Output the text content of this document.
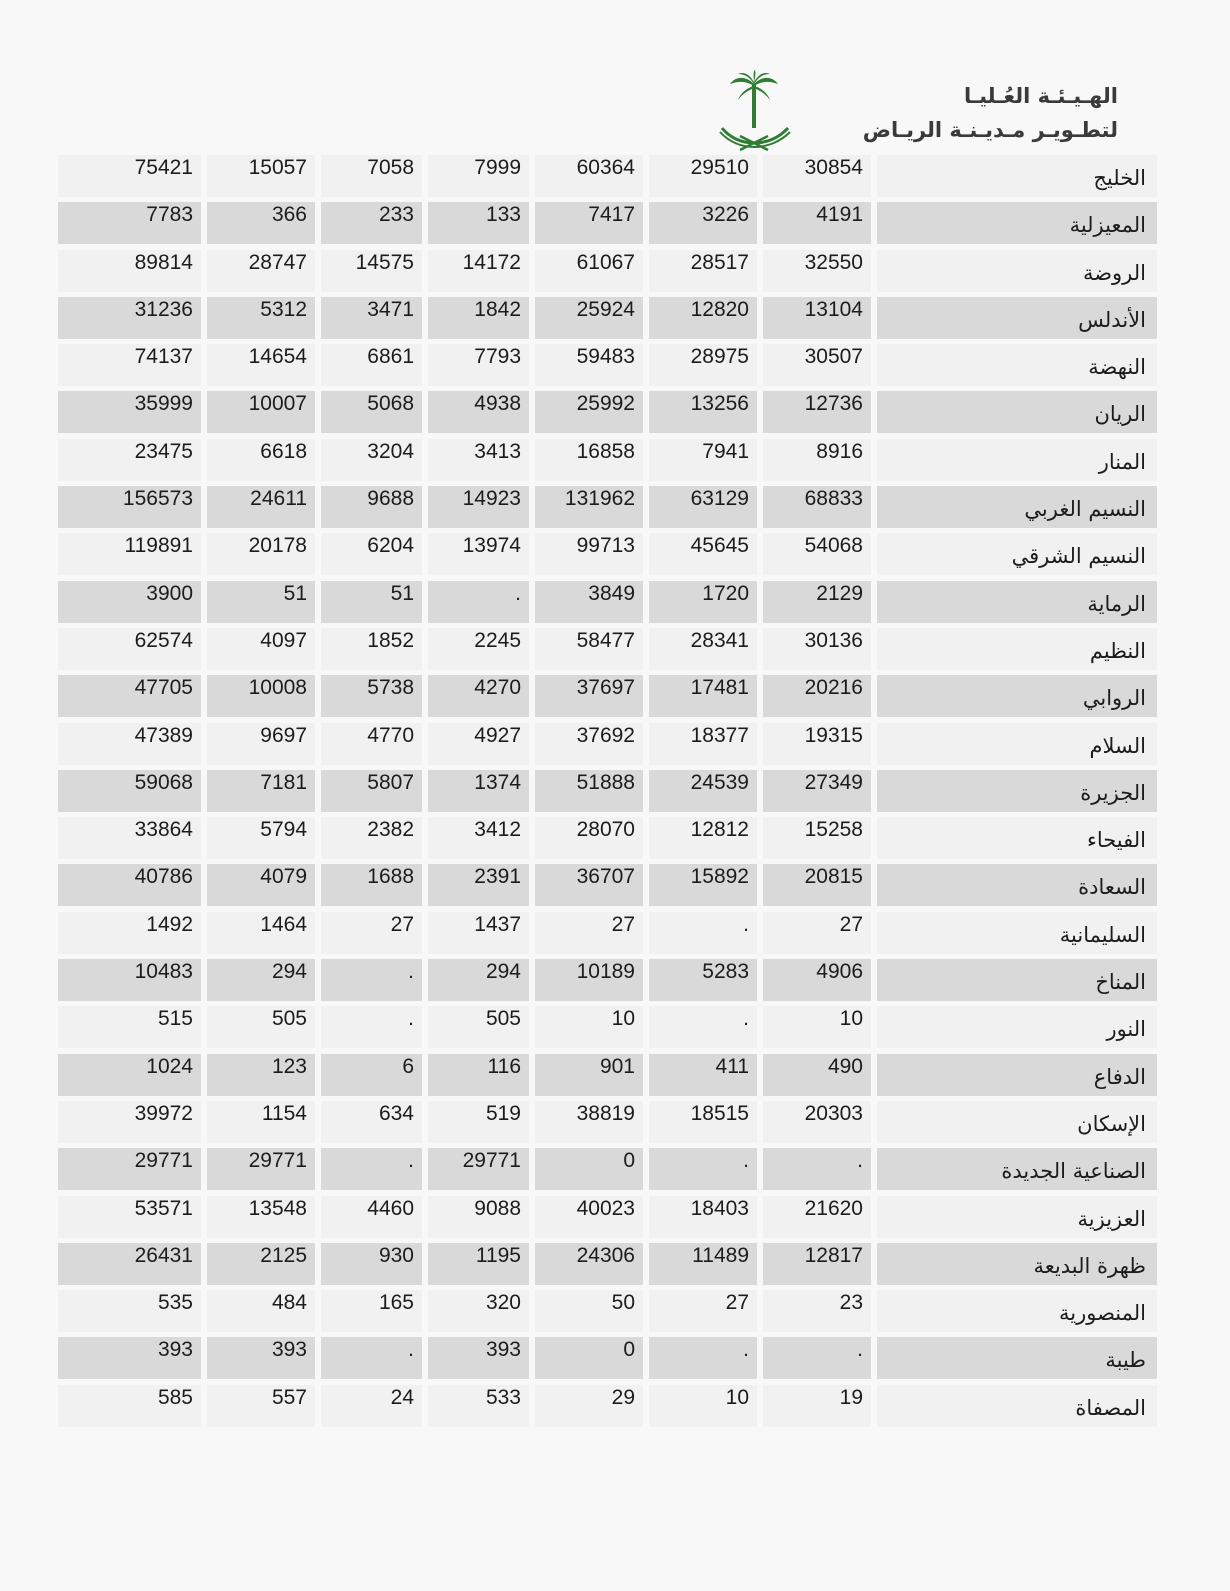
الهـيـئـة العُـليـا
لتطـويـر مـديـنـة الريـاض
الخليج
30854
29510
60364
7999
7058
15057
75421
المعيزلية
4191
3226
7417
133
233
366
7783
الروضة
32550
28517
61067
14172
14575
28747
89814
الأندلس
13104
12820
25924
1842
3471
5312
31236
النهضة
30507
28975
59483
7793
6861
14654
74137
الريان
12736
13256
25992
4938
5068
10007
35999
المنار
8916
7941
16858
3413
3204
6618
23475
النسيم الغربي
68833
63129
131962
14923
9688
24611
156573
النسيم الشرقي
54068
45645
99713
13974
6204
20178
119891
الرماية
2129
1720
3849
.
51
51
3900
النظيم
30136
28341
58477
2245
1852
4097
62574
الروابي
20216
17481
37697
4270
5738
10008
47705
السلام
19315
18377
37692
4927
4770
9697
47389
الجزيرة
27349
24539
51888
1374
5807
7181
59068
الفيحاء
15258
12812
28070
3412
2382
5794
33864
السعادة
20815
15892
36707
2391
1688
4079
40786
السليمانية
27
.
27
1437
27
1464
1492
المناخ
4906
5283
10189
294
.
294
10483
النور
10
.
10
505
.
505
515
الدفاع
490
411
901
116
6
123
1024
الإسكان
20303
18515
38819
519
634
1154
39972
الصناعية الجديدة
.
.
0
29771
.
29771
29771
العزيزية
21620
18403
40023
9088
4460
13548
53571
ظهرة البديعة
12817
11489
24306
1195
930
2125
26431
المنصورية
23
27
50
320
165
484
535
طيبة
.
.
0
393
.
393
393
المصفاة
19
10
29
533
24
557
585
